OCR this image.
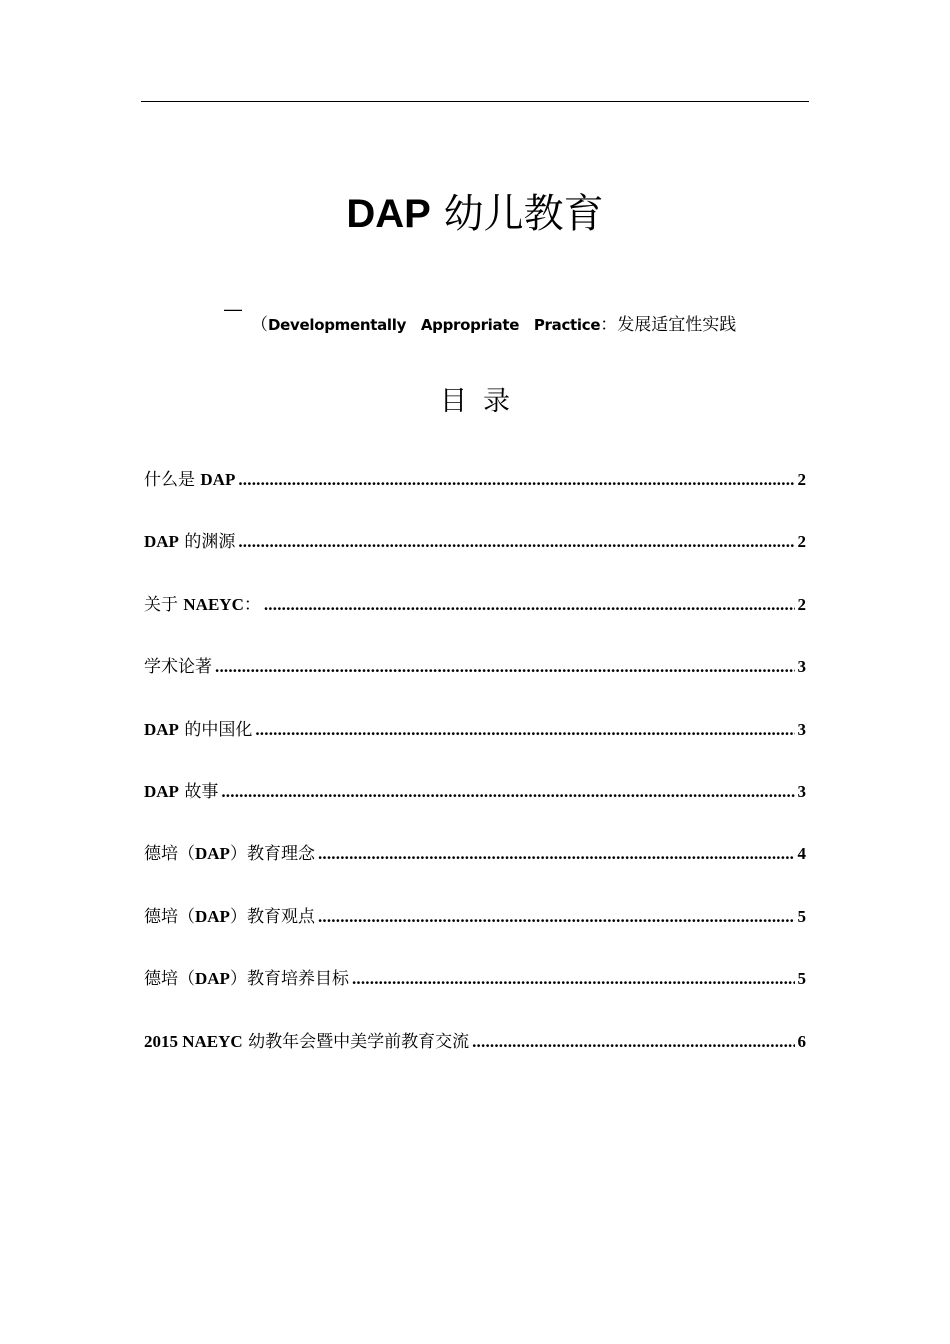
DAP 幼儿教育
—
（Developmentally   Appropriate   Practice：发展适宜性实践
目录
什么是 DAP .....	2
DAP 的渊源 .....	2
关于 NAEYC： .....	2
学术论著 .....	3
DAP 的中国化 .....	3
DAP 故事 .....	3
德培（DAP）教育理念 .....	4
德培（DAP）教育观点 .....	5
德培（DAP）教育培养目标 .....	5
2015 NAEYC 幼教年会暨中美学前教育交流 .....	6
